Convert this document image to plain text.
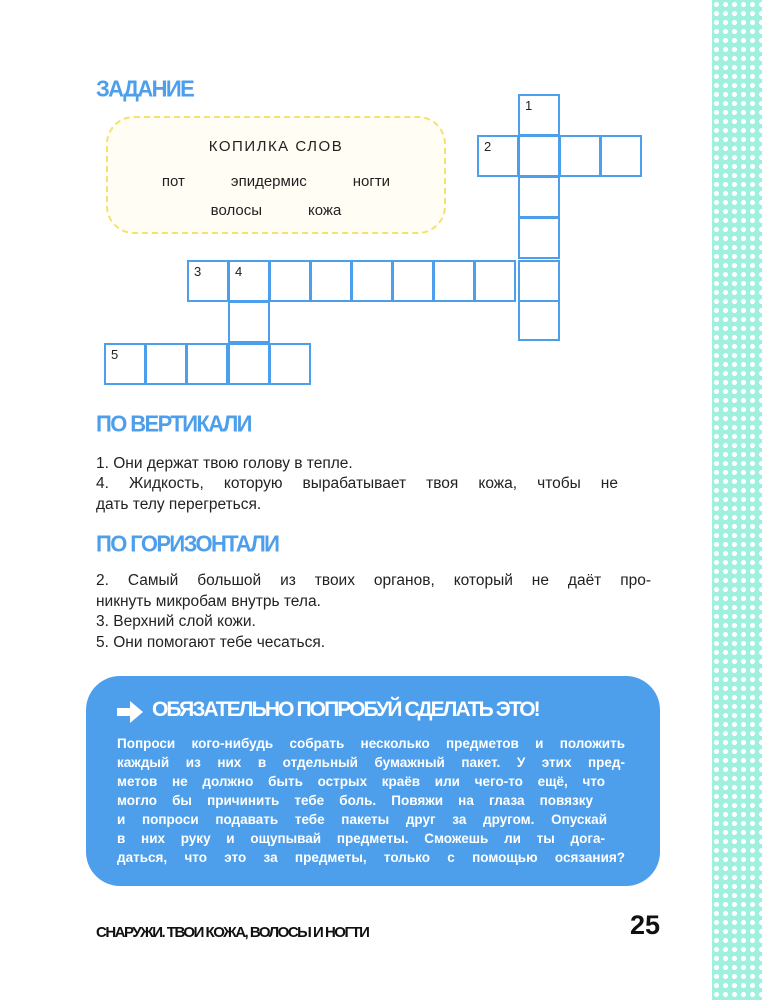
ЗАДАНИЕ
КОПИЛКА СЛОВ
пот	эпидермис	ногти
волосы	кожа
1
2
3	4
5
ПО ВЕРТИКАЛИ

1. Они держат твою голову в тепле.

4. Жидкость, которую вырабатывает твоя кожа, чтобы не

дать телу перегреться.

ПО ГОРИЗОНТАЛИ

2. Самый большой из твоих органов, который не даёт про-

никнуть микробам внутрь тела.

3. Верхний слой кожи.

5. Они помогают тебе чесаться.

ОБЯЗАТЕЛЬНО ПОПРОБУЙ СДЕЛАТЬ ЭТО!

Попроси кого-нибудь собрать несколько предметов и положить

каждый из них в отдельный бумажный пакет. У этих пред-

метов не должно быть острых краёв или чего-то ещё, что

могло бы причинить тебе боль. Повяжи на глаза повязку

и попроси подавать тебе пакеты друг за другом. Опускай

в них руку и ощупывай предметы. Сможешь ли ты дога-

даться, что это за предметы, только с помощью осязания?

СНАРУЖИ. ТВОИ КОЖА, ВОЛОСЫ И НОГТИ	25
